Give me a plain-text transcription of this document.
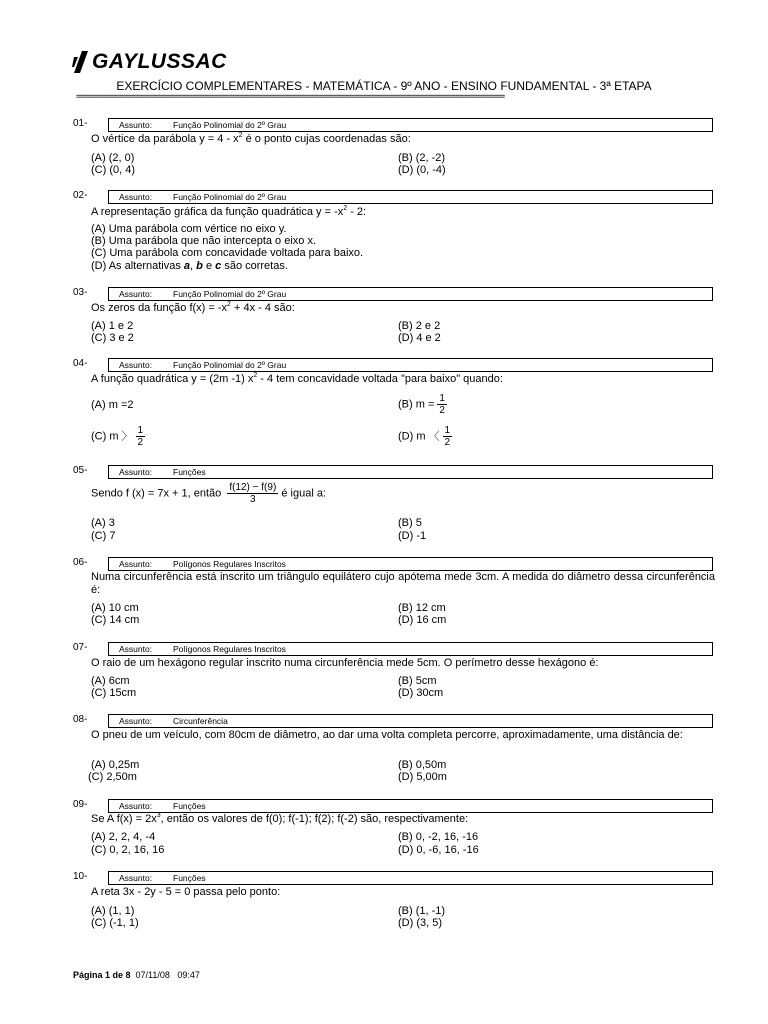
GAYLUSSAC
EXERCÍCIO COMPLEMENTARES - MATEMÁTICA - 9º ANO - ENSINO FUNDAMENTAL - 3ª ETAPA
==================================================================================================
01-	Assunto: Função Polinomial do 2º Grau
O vértice da parábola $y = 4 - x^2$ é o ponto cujas coordenadas são:
(A) (2, 0)	(B) (2, -2)
(C) (0, 4)	(D) (0, -4)
02-	Assunto: Função Polinomial do 2º Grau
A representação gráfica da função quadrática $y = -x^2 - 2$:
(A) Uma parábola com vértice no eixo y.
(B) Uma parábola que não intercepta o eixo x.
(C) Uma parábola com concavidade voltada para baixo.
(D) As alternativas a, b e c são corretas.
03-	Assunto: Função Polinomial do 2º Grau
Os zeros da função $f(x) = -x^2 + 4x - 4$ são:
(A) 1 e 2	(B) 2 e 2
(C) 3 e 2	(D) 4 e 2
04-	Assunto: Função Polinomial do 2º Grau
A função quadrática y = (2m -1) $x^2 - 4$ tem concavidade voltada "para baixo" quando:
(A) m =2	(B) $m = \frac{1}{2}$
(C) m 〉 $\frac{1}{2}$	(D) m 〈 $\frac{1}{2}$
05-	Assunto: Funções
Sendo f (x) = 7x + 1, então $\frac{f(12) - f(9)}{3}$ é igual a:
(A) 3	(B) 5
(C) 7	(D) -1
06-	Assunto: Polígonos Regulares Inscritos
Numa circunferência está inscrito um triângulo equilátero cujo apótema mede 3cm. A medida do diâmetro dessa circunferência é:
(A) 10 cm	(B) 12 cm
(C) 14 cm	(D) 16 cm
07-	Assunto: Polígonos Regulares Inscritos
O raio de um hexágono regular inscrito numa circunferência mede 5cm. O perímetro desse hexágono é:
(A) 6cm	(B) 5cm
(C) 15cm	(D) 30cm
08-	Assunto: Circunferência
O pneu de um veículo, com 80cm de diâmetro, ao dar uma volta completa percorre, aproximadamente, uma distância de:
(A) 0,25m	(B) 0,50m
(C) 2,50m	(D) 5,00m
09-	Assunto: Funções
Se A $f(x) = 2x^3$, então os valores de f(0); f(-1); f(2); f(-2) são, respectivamente:
(A) 2, 2, 4, -4	(B) 0, -2, 16, -16
(C) 0, 2, 16, 16	(D) 0, -6, 16, -16
10-	Assunto: Funções
A reta 3x - 2y - 5 = 0 passa pelo ponto:
(A) (1, 1)	(B) (1, -1)
(C) (-1, 1)	(D) (3, 5)
Página 1 de 8 07/11/08   09:47
